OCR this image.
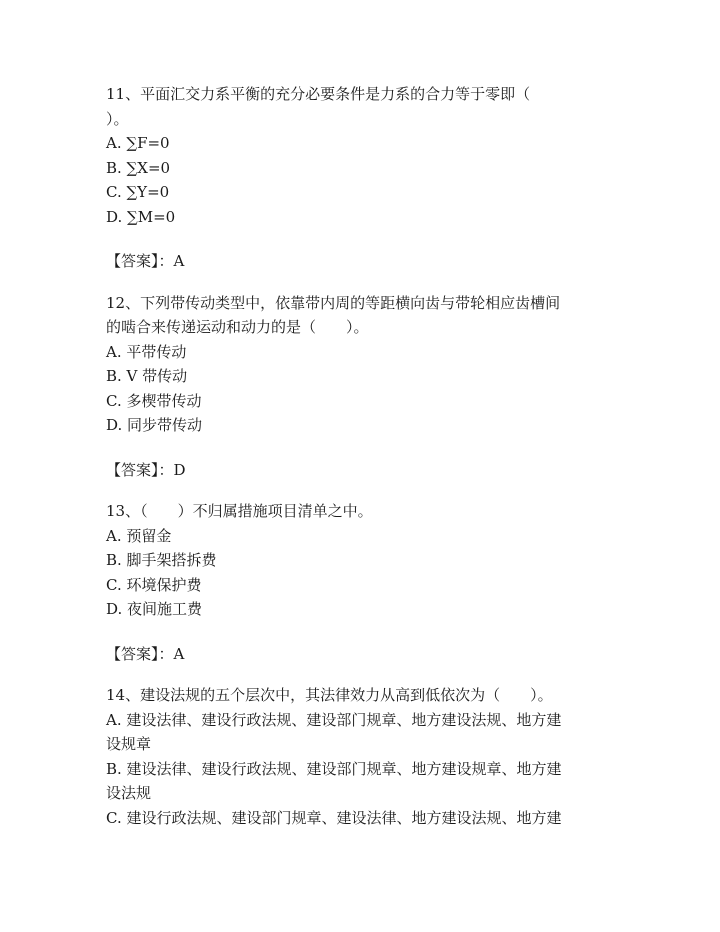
11、平面汇交力系平衡的充分必要条件是力系的合力等于零即（
）。
A. ∑F=0
B. ∑X=0
C. ∑Y=0
D. ∑M=0
【答案】：A
12、下列带传动类型中，依靠带内周的等距横向齿与带轮相应齿槽间
的啮合来传递运动和动力的是（　　）。
A. 平带传动
B. V 带传动
C. 多楔带传动
D. 同步带传动
【答案】：D
13、（　　）不归属措施项目清单之中。
A. 预留金
B. 脚手架搭拆费
C. 环境保护费
D. 夜间施工费
【答案】：A
14、建设法规的五个层次中，其法律效力从高到低依次为（　　）。
A. 建设法律、建设行政法规、建设部门规章、地方建设法规、地方建
设规章
B. 建设法律、建设行政法规、建设部门规章、地方建设规章、地方建
设法规
C. 建设行政法规、建设部门规章、建设法律、地方建设法规、地方建
